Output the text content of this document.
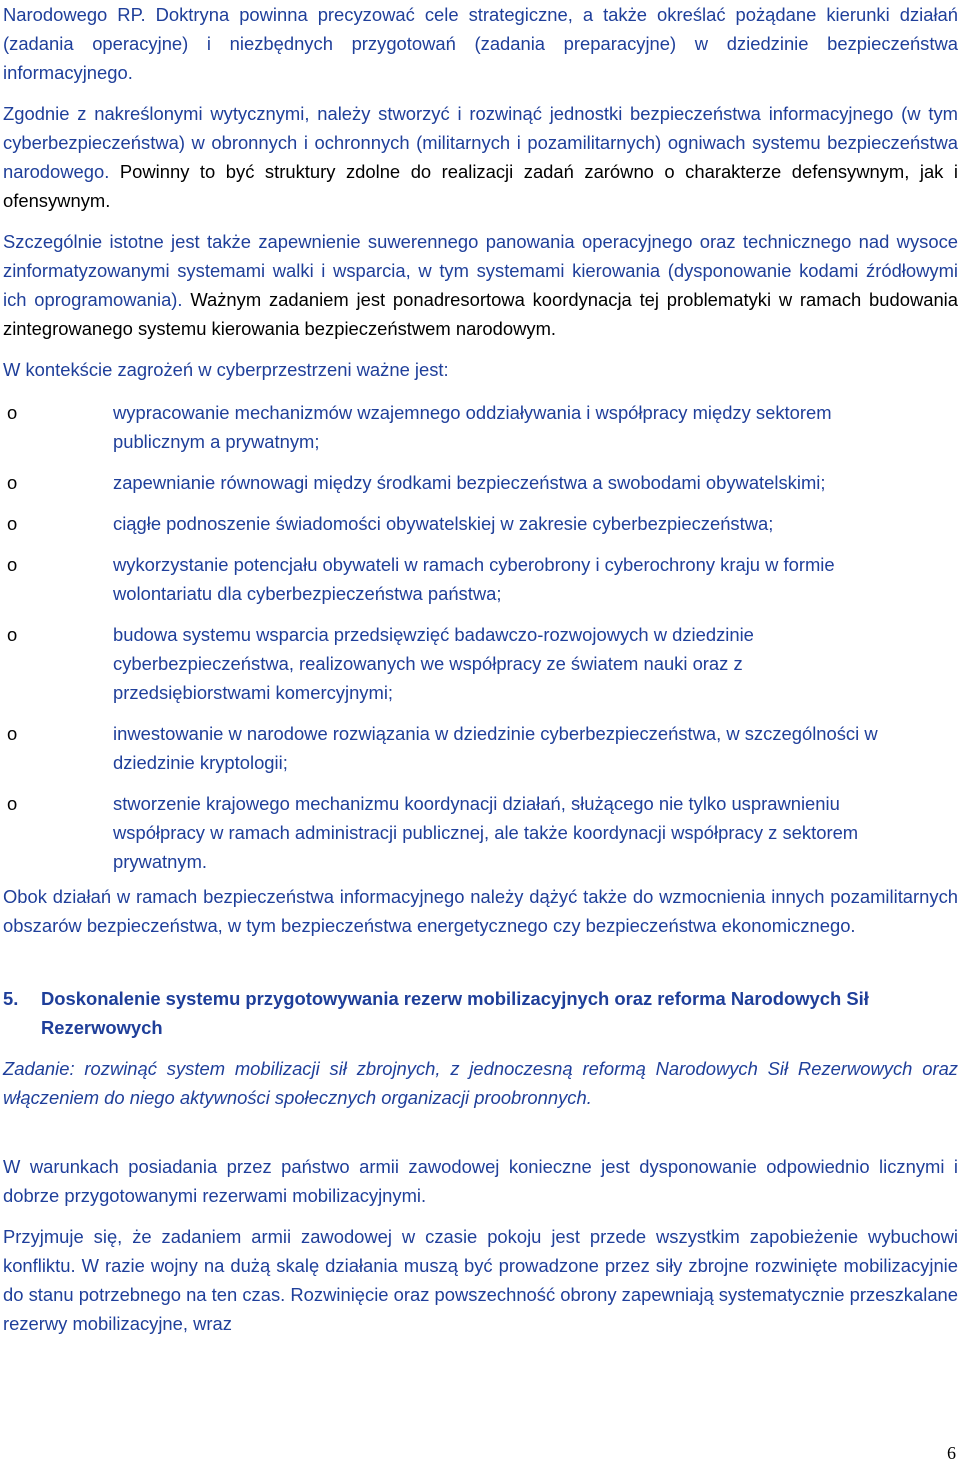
Narodowego RP. Doktryna powinna precyzować cele strategiczne, a także określać pożądane kierunki działań (zadania operacyjne) i niezbędnych przygotowań (zadania preparacyjne) w dziedzinie bezpieczeństwa informacyjnego.

Zgodnie z nakreślonymi wytycznymi, należy stworzyć i rozwinąć jednostki bezpieczeństwa informacyjnego (w tym cyberbezpieczeństwa) w obronnych i ochronnych (militarnych i pozamilitarnych) ogniwach systemu bezpieczeństwa narodowego. Powinny to być struktury zdolne do realizacji zadań zarówno o charakterze defensywnym, jak i ofensywnym.

Szczególnie istotne jest także zapewnienie suwerennego panowania operacyjnego oraz technicznego nad wysoce zinformatyzowanymi systemami walki i wsparcia, w tym systemami kierowania (dysponowanie kodami źródłowymi ich oprogramowania). Ważnym zadaniem jest ponadresortowa koordynacja tej problematyki w ramach budowania zintegrowanego systemu kierowania bezpieczeństwem narodowym.

W kontekście zagrożeń w cyberprzestrzeni ważne jest:

o	wypracowanie mechanizmów wzajemnego oddziaływania i współpracy między sektorem publicznym a prywatnym;
o	zapewnianie równowagi między środkami bezpieczeństwa a swobodami obywatelskimi;
o	ciągłe podnoszenie świadomości obywatelskiej w zakresie cyberbezpieczeństwa;
o	wykorzystanie potencjału obywateli w ramach cyberobrony i cyberochrony kraju w formie wolontariatu dla cyberbezpieczeństwa państwa;
o	budowa systemu wsparcia przedsięwzięć badawczo-rozwojowych w dziedzinie cyberbezpieczeństwa, realizowanych we współpracy ze światem nauki oraz z przedsiębiorstwami komercyjnymi;
o	inwestowanie w narodowe rozwiązania w dziedzinie cyberbezpieczeństwa, w szczególności w dziedzinie kryptologii;
o	stworzenie krajowego mechanizmu koordynacji działań, służącego nie tylko usprawnieniu współpracy w ramach administracji publicznej, ale także koordynacji współpracy z sektorem prywatnym.

Obok działań w ramach bezpieczeństwa informacyjnego należy dążyć także do wzmocnienia innych pozamilitarnych obszarów bezpieczeństwa, w tym bezpieczeństwa energetycznego czy bezpieczeństwa ekonomicznego.

5.	Doskonalenie systemu przygotowywania rezerw mobilizacyjnych oraz reforma Narodowych Sił Rezerwowych

Zadanie: rozwinąć system mobilizacji sił zbrojnych, z jednoczesną reformą Narodowych Sił Rezerwowych oraz włączeniem do niego aktywności społecznych organizacji proobronnych.

W warunkach posiadania przez państwo armii zawodowej konieczne jest dysponowanie odpowiednio licznymi i dobrze przygotowanymi rezerwami mobilizacyjnymi.

Przyjmuje się, że zadaniem armii zawodowej w czasie pokoju jest przede wszystkim zapobieżenie wybuchowi konfliktu. W razie wojny na dużą skalę działania muszą być prowadzone przez siły zbrojne rozwinięte mobilizacyjnie do stanu potrzebnego na ten czas. Rozwinięcie oraz powszechność obrony zapewniają systematycznie przeszkalane rezerwy mobilizacyjne, wraz

6
